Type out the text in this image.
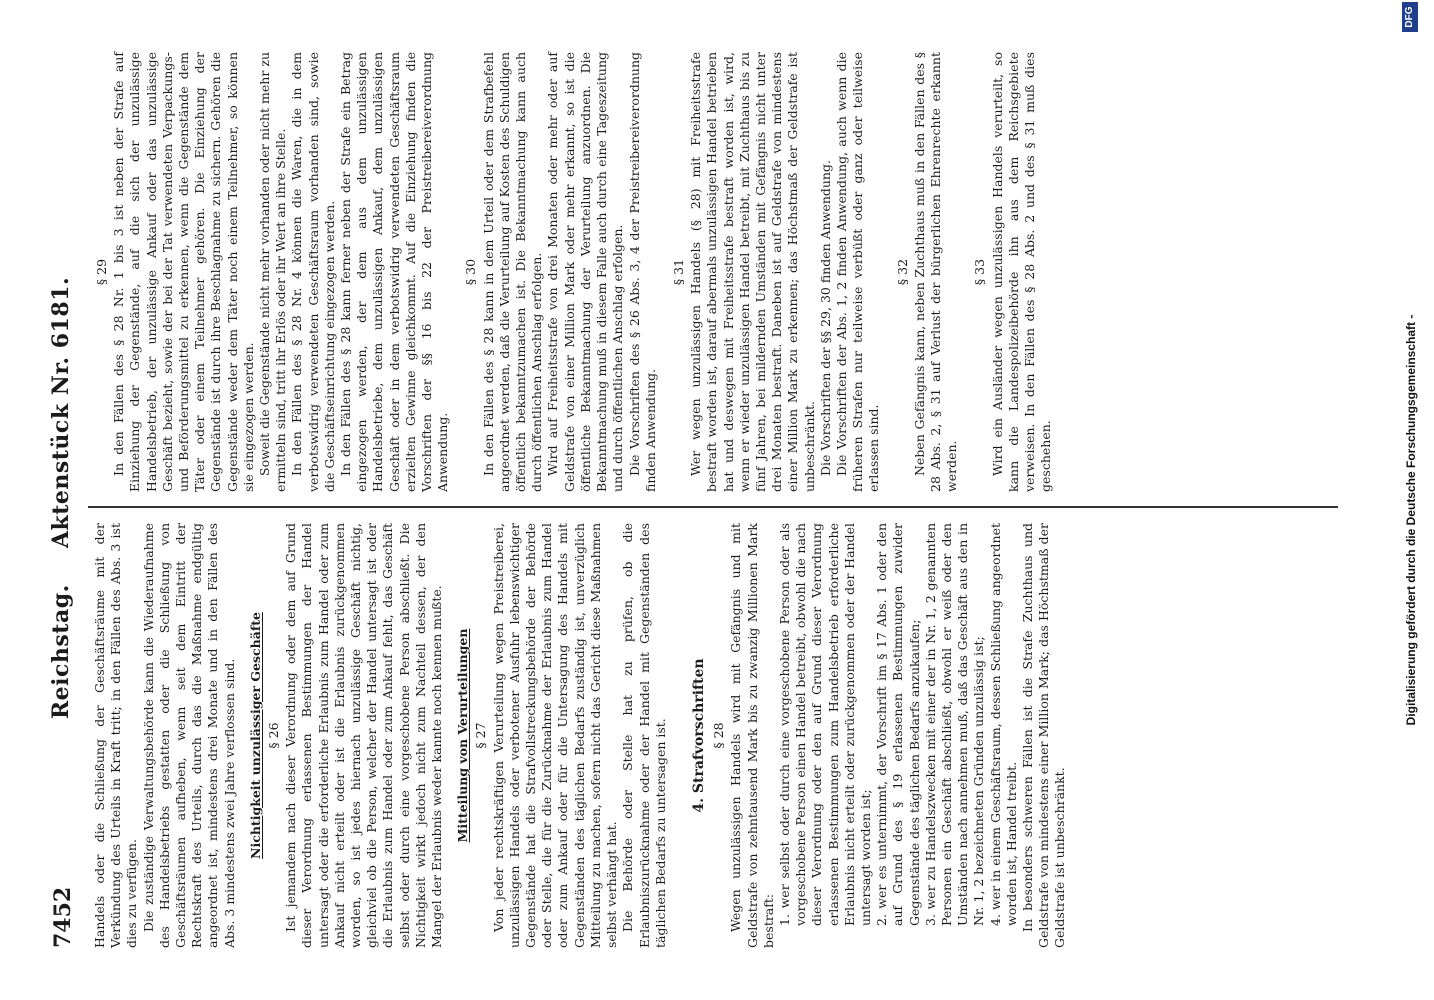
7452
Reichstag. Aktenstück Nr. 6181.

Handels oder die Schließung der Geschäftsräume mit der Verkündung des Urteils in Kraft tritt; in den Fällen des Abs. 3 ist dies zu verfügen. Die zuständige Verwaltungsbehörde kann die Wiederaufnahme des Handelsbetriebs gestatten oder die Schließung von Geschäftsräumen aufheben, wenn seit dem Eintritt der Rechtskraft des Urteils, durch das die Maßnahme endgültig angeordnet ist, mindestens drei Monate und in den Fällen des Abs. 3 mindestens zwei Jahre verflossen sind. Nichtigkeit unzulässiger Geschäfte § 26 Ist jemandem nach dieser Verordnung oder dem auf Grund dieser Verordnung erlassenen Bestimmungen der Handel untersagt oder die erforderliche Erlaubnis zum Handel oder zum Ankauf nicht erteilt oder ist die Erlaubnis zurückgenommen worden, so ist jedes hiernach unzulässige Geschäft nichtig, gleichviel ob die Person, welcher der Handel untersagt ist oder die Erlaubnis zum Handel oder zum Ankauf fehlt, das Geschäft selbst oder durch eine vorgeschobene Person abschließt. Die Nichtigkeit wirkt jedoch nicht zum Nachteil dessen, der den Mangel der Erlaubnis weder kannte noch kennen mußte. Mitteilung von Verurteilungen § 27 Von jeder rechtskräftigen Verurteilung wegen Preistreiberei, unzulässigen Handels oder verbotener Ausfuhr lebenswichtiger Gegenstände hat die Strafvollstreckungsbehörde der Behörde oder Stelle, die für die Zurücknahme der Erlaubnis zum Handel oder zum Ankauf oder für die Untersagung des Handels mit Gegenständen des täglichen Bedarfs zuständig ist, unverzüglich Mitteilung zu machen, sofern nicht das Gericht diese Maßnahmen selbst verhängt hat. Die Behörde oder Stelle hat zu prüfen, ob die Erlaubniszurücknahme oder der Handel mit Gegenständen des täglichen Bedarfs zu untersagen ist. 4. Strafvorschriften § 28 Wegen unzulässigen Handels wird mit Gefängnis und mit Geldstrafe von zehntausend Mark bis zu zwanzig Millionen Mark bestraft: 1. wer selbst oder durch eine vorgeschobene Person oder als vorgeschobene Person einen Handel betreibt, obwohl die nach dieser Verordnung oder den auf Grund dieser Verordnung erlassenen Bestimmungen zum Handelsbetrieb erforderliche Erlaubnis nicht erteilt oder zurückgenommen oder der Handel untersagt worden ist; 2. wer es unternimmt, der Vorschrift im § 17 Abs. 1 oder den auf Grund des § 19 erlassenen Bestimmungen zuwider Gegenstände des täglichen Bedarfs anzukaufen; 3. wer zu Handelszwecken mit einer der in Nr. 1, 2 genannten Personen ein Geschäft abschließt, obwohl er weiß oder den Umständen nach annehmen muß, daß das Geschäft aus den in Nr. 1, 2 bezeichneten Gründen unzulässig ist; 4. wer in einem Geschäftsraum, dessen Schließung angeordnet worden ist, Handel treibt. In besonders schweren Fällen ist die Strafe Zuchthaus und Geldstrafe von mindestens einer Million Mark; das Höchstmaß der Geldstrafe ist unbeschränkt.

§ 29 In den Fällen des § 28 Nr. 1 bis 3 ist neben der Strafe auf Einziehung der Gegenstände, auf die sich der unzulässige Handelsbetrieb, der unzulässige Ankauf oder das unzulässige Geschäft bezieht, sowie der bei der Tat verwendeten Verpackungs- und Beförderungsmittel zu erkennen, wenn die Gegenstände dem Täter oder einem Teilnehmer gehören. Die Einziehung der Gegenstände ist durch ihre Beschlagnahme zu sichern. Gehören die Gegenstände weder dem Täter noch einem Teilnehmer, so können sie eingezogen werden. Soweit die Gegenstände nicht mehr vorhanden oder nicht mehr zu ermitteln sind, tritt ihr Erlös oder ihr Wert an ihre Stelle. In den Fällen des § 28 Nr. 4 können die Waren, die in dem verbotswidrig verwendeten Geschäftsraum vorhanden sind, sowie die Geschäftseinrichtung eingezogen werden. In den Fällen des § 28 kann ferner neben der Strafe ein Betrag eingezogen werden, der dem aus dem unzulässigen Handelsbetriebe, dem unzulässigen Ankauf, dem unzulässigen Geschäft oder in dem verbotswidrig verwendeten Geschäftsraum erzielten Gewinne gleichkommt. Auf die Einziehung finden die Vorschriften der §§ 16 bis 22 der Preistreibereiverordnung Anwendung.

§ 30 In den Fällen des § 28 kann in dem Urteil oder dem Strafbefehl angeordnet werden, daß die Verurteilung auf Kosten des Schuldigen öffentlich bekanntzumachen ist. Die Bekanntmachung kann auch durch öffentlichen Anschlag erfolgen. Wird auf Freiheitsstrafe von drei Monaten oder mehr oder auf Geldstrafe von einer Million Mark oder mehr erkannt, so ist die öffentliche Bekanntmachung der Verurteilung anzuordnen. Die Bekanntmachung muß in diesem Falle auch durch eine Tageszeitung und durch öffentlichen Anschlag erfolgen. Die Vorschriften des § 26 Abs. 3, 4 der Preistreibereiverordnung finden Anwendung.

§ 31 Wer wegen unzulässigen Handels (§ 28) mit Freiheitsstrafe bestraft worden ist, darauf abermals unzulässigen Handel betrieben hat und deswegen mit Freiheitsstrafe bestraft worden ist, wird, wenn er wieder unzulässigen Handel betreibt, mit Zuchthaus bis zu fünf Jahren, bei mildernden Umständen mit Gefängnis nicht unter drei Monaten bestraft. Daneben ist auf Geldstrafe von mindestens einer Million Mark zu erkennen; das Höchstmaß der Geldstrafe ist unbeschränkt. Die Vorschriften der §§ 29, 30 finden Anwendung. Die Vorschriften der Abs. 1, 2 finden Anwendung, auch wenn die früheren Strafen nur teilweise verbüßt oder ganz oder teilweise erlassen sind.

§ 32 Neben Gefängnis kann, neben Zuchthaus muß in den Fällen des § 28 Abs. 2, § 31 auf Verlust der bürgerlichen Ehrenrechte erkannt werden.

§ 33 Wird ein Ausländer wegen unzulässigen Handels verurteilt, so kann die Landespolizeibehörde ihn aus dem Reichsgebiete verweisen. In den Fällen des § 28 Abs. 2 und des § 31 muß dies geschehen.	Digitalisierung gefördert durch die Deutsche Forschungsgemeinschaft -
DFG
